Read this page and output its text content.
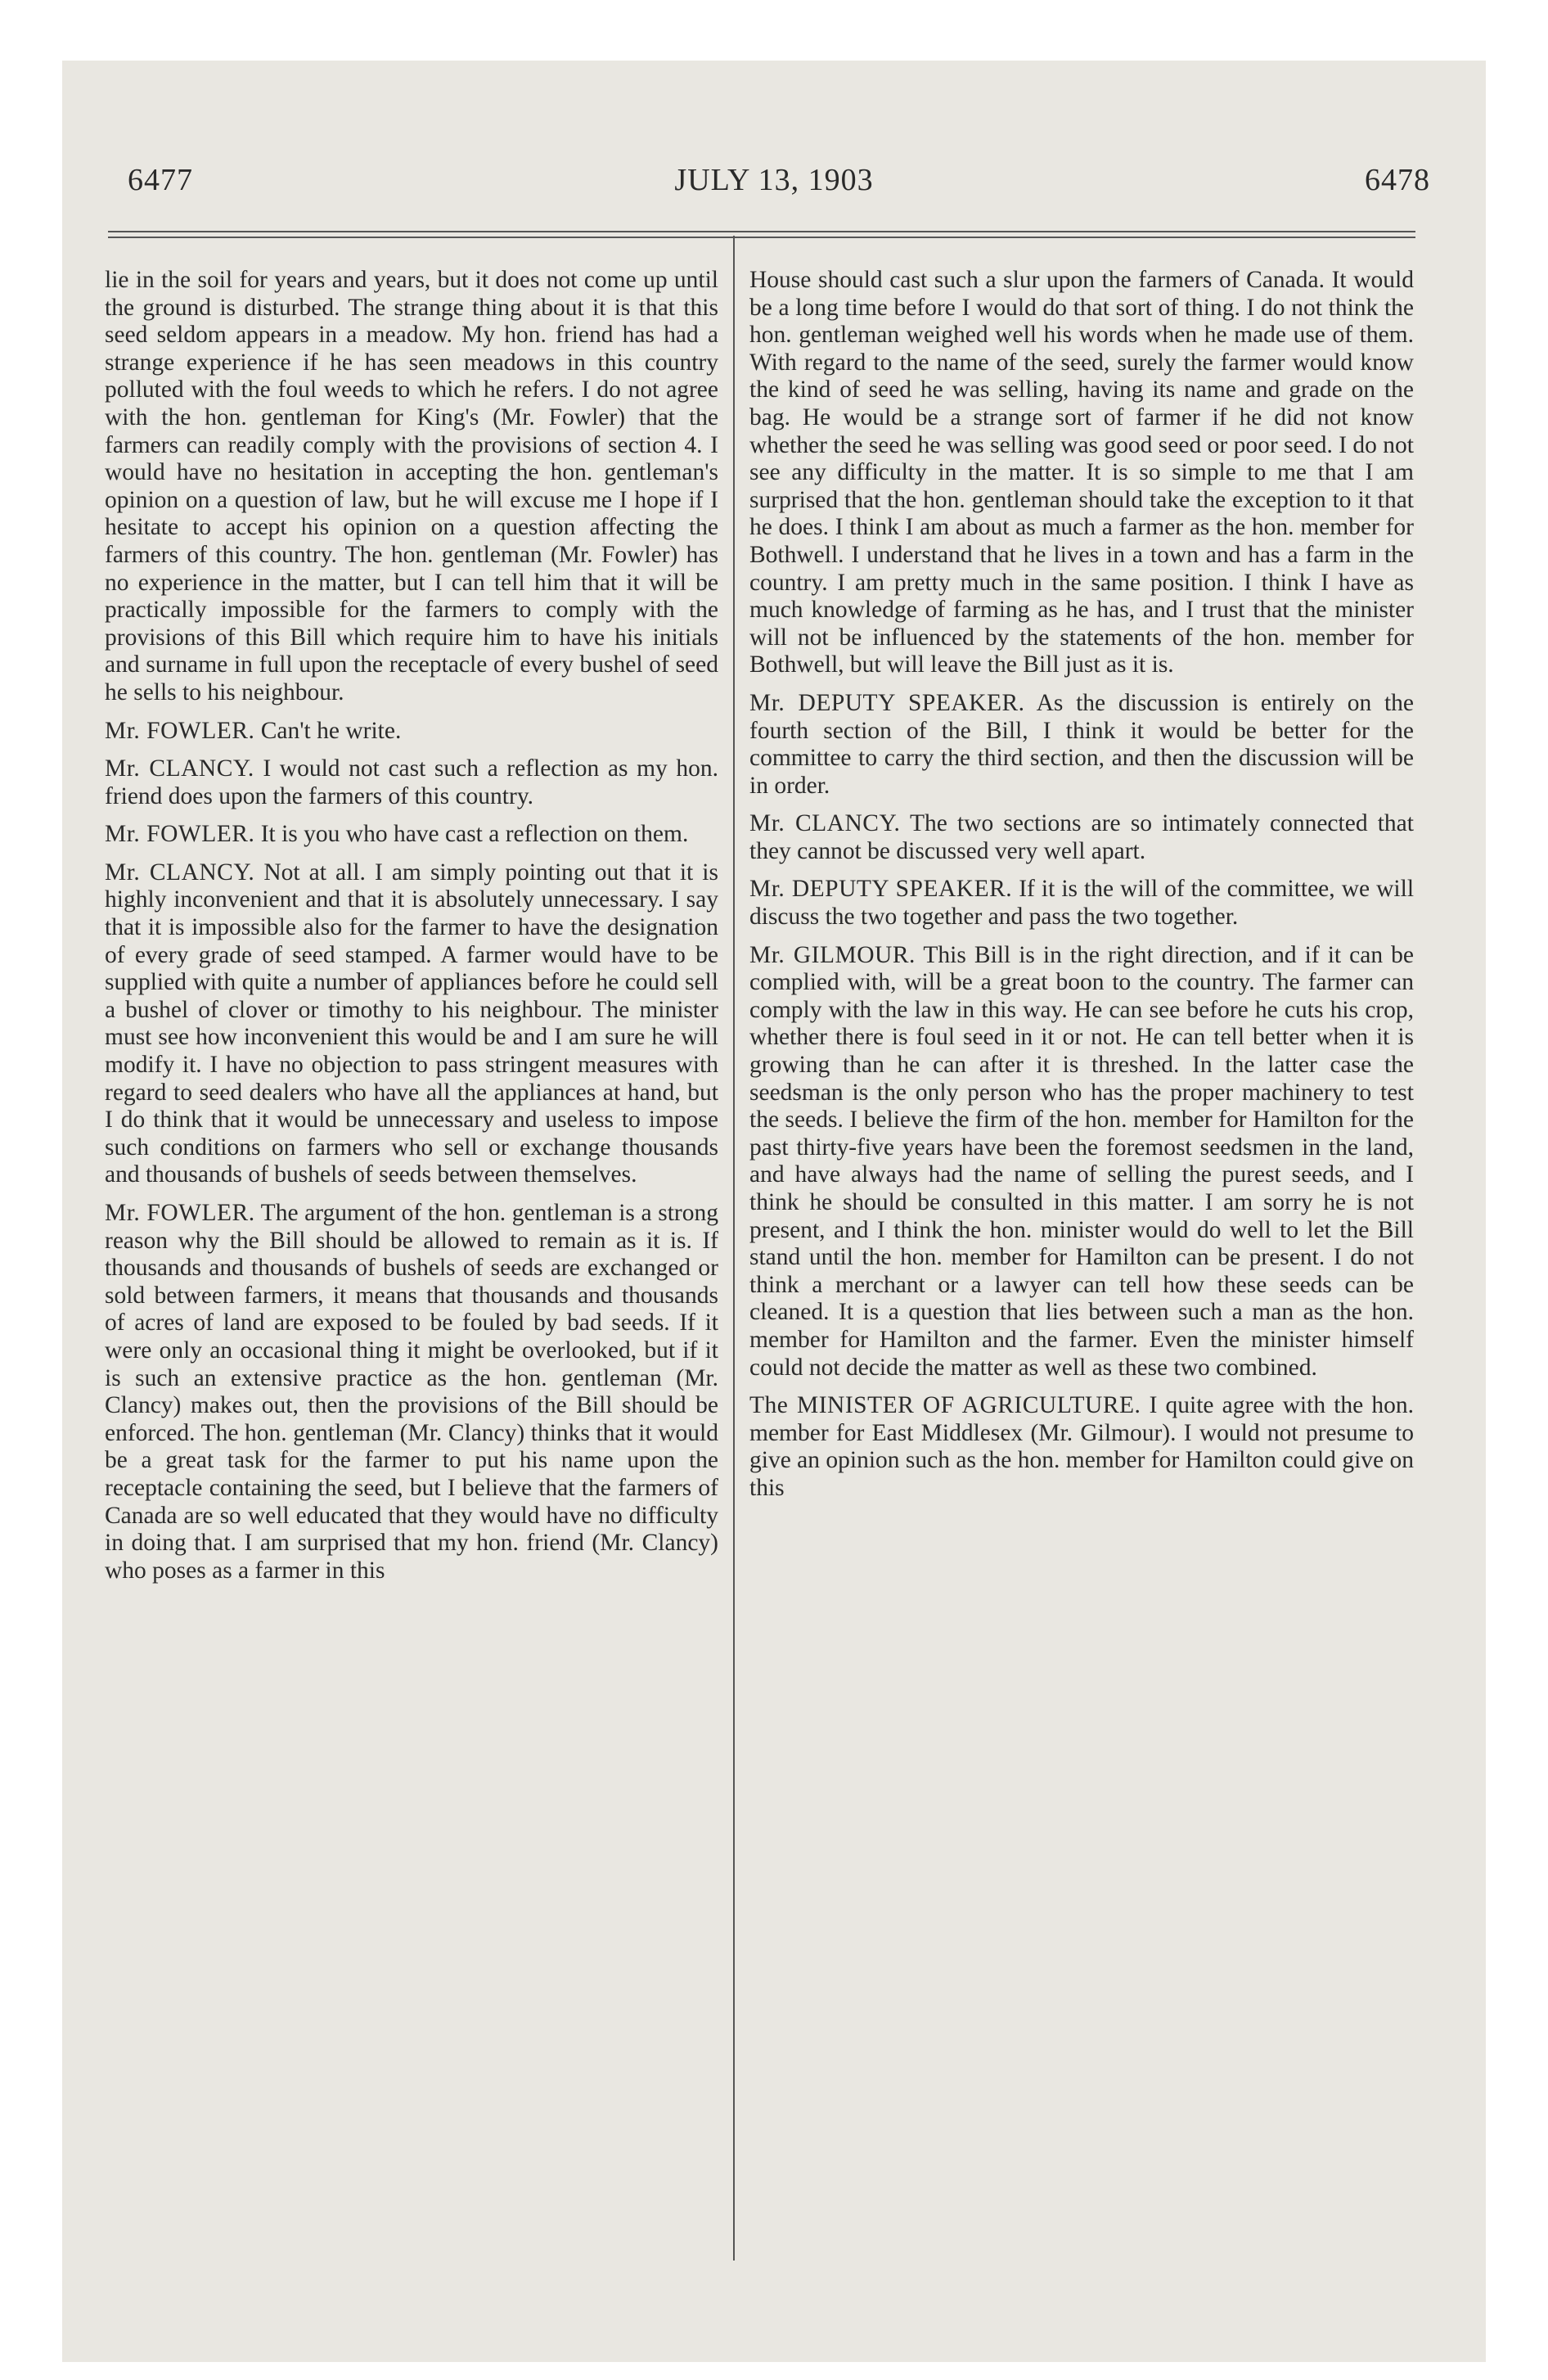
6477	JULY 13, 1903	6478

lie in the soil for years and years, but it does not come up until the ground is disturbed. The strange thing about it is that this seed seldom appears in a meadow. My hon. friend has had a strange experience if he has seen meadows in this country polluted with the foul weeds to which he refers. I do not agree with the hon. gentleman for King's (Mr. Fowler) that the farmers can readily comply with the provisions of section 4. I would have no hesitation in accepting the hon. gentleman's opinion on a question of law, but he will excuse me I hope if I hesitate to accept his opinion on a question affecting the farmers of this country. The hon. gentleman (Mr. Fowler) has no experience in the matter, but I can tell him that it will be practically impossible for the farmers to comply with the provisions of this Bill which require him to have his initials and surname in full upon the receptacle of every bushel of seed he sells to his neighbour.

Mr. FOWLER. Can't he write.

Mr. CLANCY. I would not cast such a reflection as my hon. friend does upon the farmers of this country.

Mr. FOWLER. It is you who have cast a reflection on them.

Mr. CLANCY. Not at all. I am simply pointing out that it is highly inconvenient and that it is absolutely unnecessary. I say that it is impossible also for the farmer to have the designation of every grade of seed stamped. A farmer would have to be supplied with quite a number of appliances before he could sell a bushel of clover or timothy to his neighbour. The minister must see how inconvenient this would be and I am sure he will modify it. I have no objection to pass stringent measures with regard to seed dealers who have all the appliances at hand, but I do think that it would be unnecessary and useless to impose such conditions on farmers who sell or exchange thousands and thousands of bushels of seeds between themselves.

Mr. FOWLER. The argument of the hon. gentleman is a strong reason why the Bill should be allowed to remain as it is. If thousands and thousands of bushels of seeds are exchanged or sold between farmers, it means that thousands and thousands of acres of land are exposed to be fouled by bad seeds. If it were only an occasional thing it might be overlooked, but if it is such an extensive practice as the hon. gentleman (Mr. Clancy) makes out, then the provisions of the Bill should be enforced. The hon. gentleman (Mr. Clancy) thinks that it would be a great task for the farmer to put his name upon the receptacle containing the seed, but I believe that the farmers of Canada are so well educated that they would have no difficulty in doing that. I am surprised that my hon. friend (Mr. Clancy) who poses as a farmer in this

House should cast such a slur upon the farmers of Canada. It would be a long time before I would do that sort of thing. I do not think the hon. gentleman weighed well his words when he made use of them. With regard to the name of the seed, surely the farmer would know the kind of seed he was selling, having its name and grade on the bag. He would be a strange sort of farmer if he did not know whether the seed he was selling was good seed or poor seed. I do not see any difficulty in the matter. It is so simple to me that I am surprised that the hon. gentleman should take the exception to it that he does. I think I am about as much a farmer as the hon. member for Bothwell. I understand that he lives in a town and has a farm in the country. I am pretty much in the same position. I think I have as much knowledge of farming as he has, and I trust that the minister will not be influenced by the statements of the hon. member for Bothwell, but will leave the Bill just as it is.

Mr. DEPUTY SPEAKER. As the discussion is entirely on the fourth section of the Bill, I think it would be better for the committee to carry the third section, and then the discussion will be in order.

Mr. CLANCY. The two sections are so intimately connected that they cannot be discussed very well apart.

Mr. DEPUTY SPEAKER. If it is the will of the committee, we will discuss the two together and pass the two together.

Mr. GILMOUR. This Bill is in the right direction, and if it can be complied with, will be a great boon to the country. The farmer can comply with the law in this way. He can see before he cuts his crop, whether there is foul seed in it or not. He can tell better when it is growing than he can after it is threshed. In the latter case the seedsman is the only person who has the proper machinery to test the seeds. I believe the firm of the hon. member for Hamilton for the past thirty-five years have been the foremost seedsmen in the land, and have always had the name of selling the purest seeds, and I think he should be consulted in this matter. I am sorry he is not present, and I think the hon. minister would do well to let the Bill stand until the hon. member for Hamilton can be present. I do not think a merchant or a lawyer can tell how these seeds can be cleaned. It is a question that lies between such a man as the hon. member for Hamilton and the farmer. Even the minister himself could not decide the matter as well as these two combined.

The MINISTER OF AGRICULTURE. I quite agree with the hon. member for East Middlesex (Mr. Gilmour). I would not presume to give an opinion such as the hon. member for Hamilton could give on this
